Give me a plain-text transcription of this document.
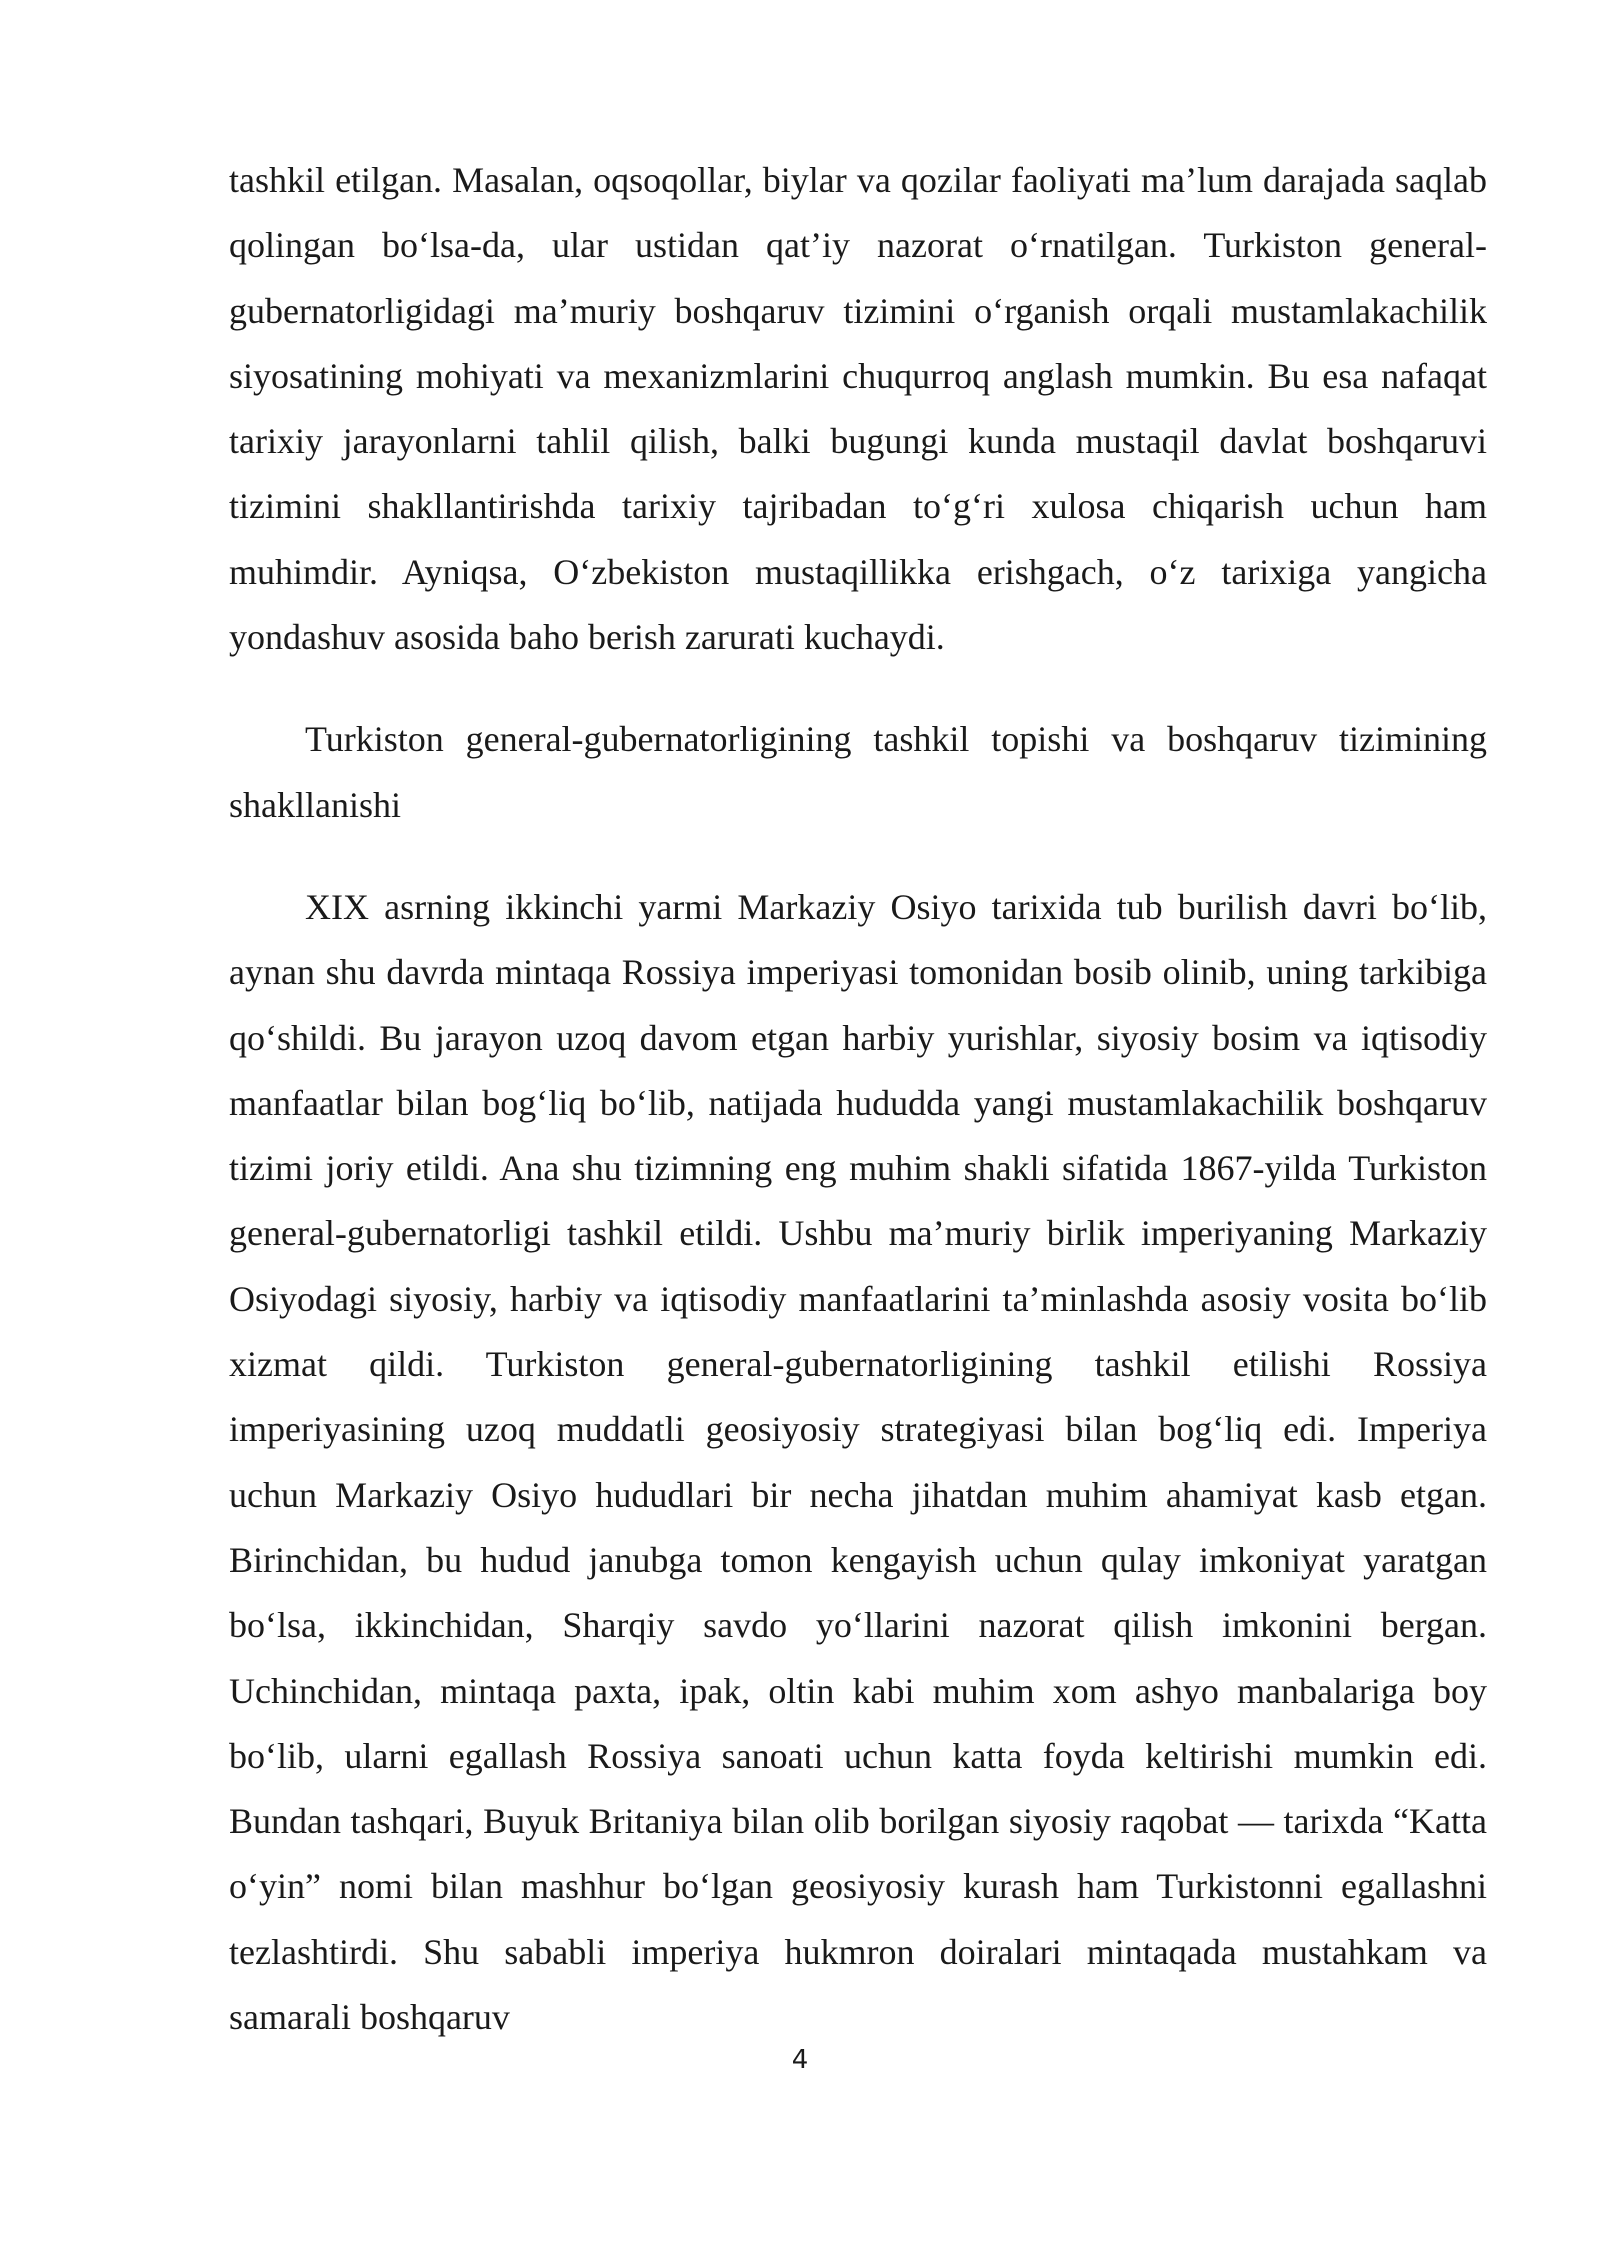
tashkil etilgan. Masalan, oqsoqollar, biylar va qozilar faoliyati ma’lum darajada saqlab qolingan bo‘lsa-da, ular ustidan qat’iy nazorat o‘rnatilgan. Turkiston general-gubernatorligidagi ma’muriy boshqaruv tizimini o‘rganish orqali mustamlakachilik siyosatining mohiyati va mexanizmlarini chuqurroq anglash mumkin. Bu esa nafaqat tarixiy jarayonlarni tahlil qilish, balki bugungi kunda mustaqil davlat boshqaruvi tizimini shakllantirishda tarixiy tajribadan to‘g‘ri xulosa chiqarish uchun ham muhimdir. Ayniqsa, O‘zbekiston mustaqillikka erishgach, o‘z tarixiga yangicha yondashuv asosida baho berish zarurati kuchaydi.

Turkiston general-gubernatorligining tashkil topishi va boshqaruv tizimining shakllanishi

XIX asrning ikkinchi yarmi Markaziy Osiyo tarixida tub burilish davri bo‘lib, aynan shu davrda mintaqa Rossiya imperiyasi tomonidan bosib olinib, uning tarkibiga qo‘shildi. Bu jarayon uzoq davom etgan harbiy yurishlar, siyosiy bosim va iqtisodiy manfaatlar bilan bog‘liq bo‘lib, natijada hududda yangi mustamlakachilik boshqaruv tizimi joriy etildi. Ana shu tizimning eng muhim shakli sifatida 1867-yilda Turkiston general-gubernatorligi tashkil etildi. Ushbu ma’muriy birlik imperiyaning Markaziy Osiyodagi siyosiy, harbiy va iqtisodiy manfaatlarini ta’minlashda asosiy vosita bo‘lib xizmat qildi. Turkiston general-gubernatorligining tashkil etilishi Rossiya imperiyasining uzoq muddatli geosiyosiy strategiyasi bilan bog‘liq edi. Imperiya uchun Markaziy Osiyo hududlari bir necha jihatdan muhim ahamiyat kasb etgan. Birinchidan, bu hudud janubga tomon kengayish uchun qulay imkoniyat yaratgan bo‘lsa, ikkinchidan, Sharqiy savdo yo‘llarini nazorat qilish imkonini bergan. Uchinchidan, mintaqa paxta, ipak, oltin kabi muhim xom ashyo manbalariga boy bo‘lib, ularni egallash Rossiya sanoati uchun katta foyda keltirishi mumkin edi. Bundan tashqari, Buyuk Britaniya bilan olib borilgan siyosiy raqobat — tarixda “Katta o‘yin” nomi bilan mashhur bo‘lgan geosiyosiy kurash ham Turkistonni egallashni tezlashtirdi. Shu sababli imperiya hukmron doiralari mintaqada mustahkam va samarali boshqaruv

4
